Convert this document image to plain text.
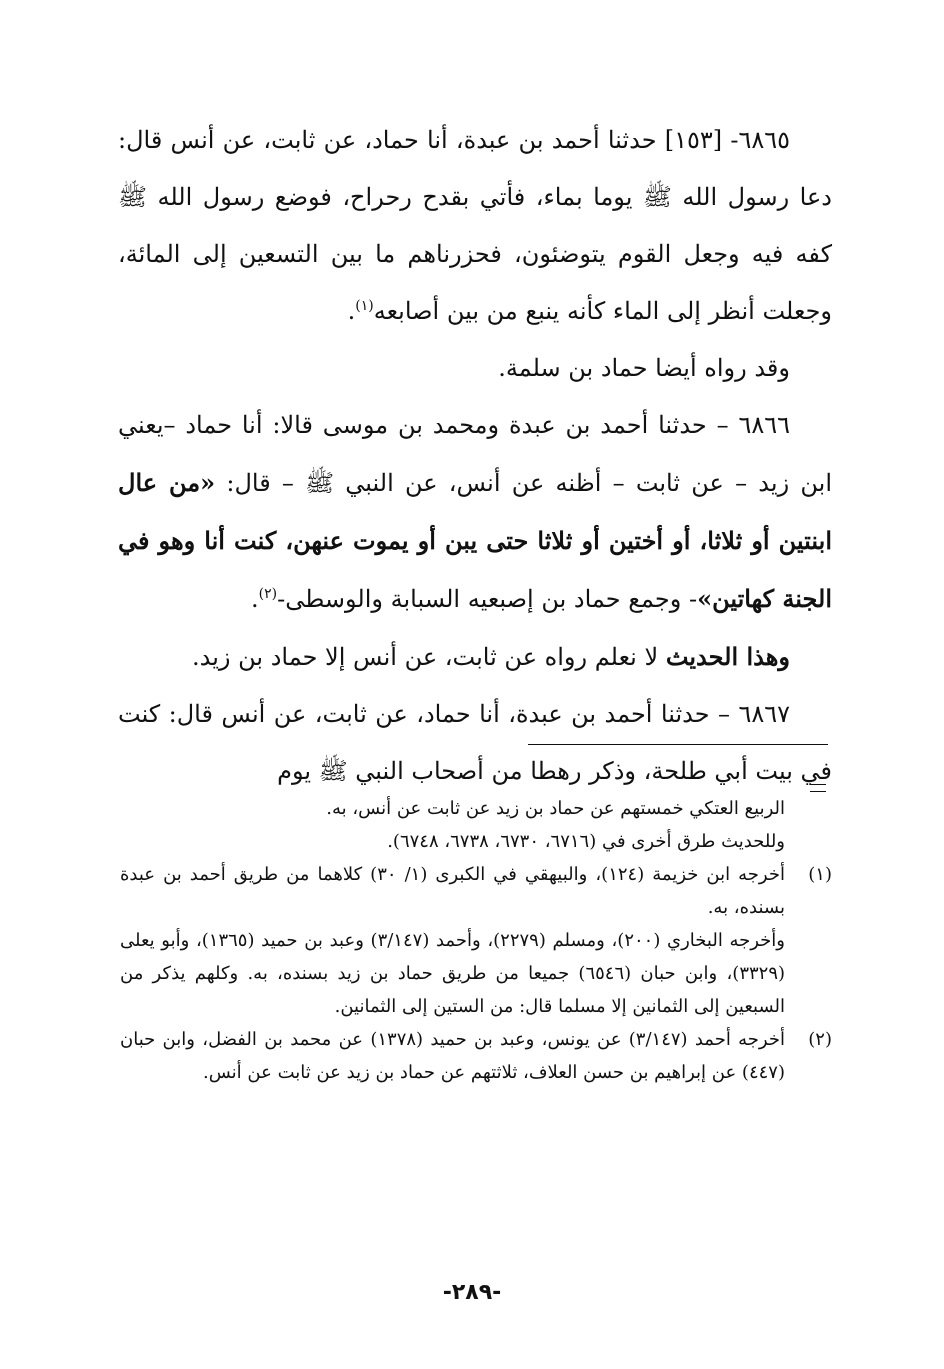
٦٨٦٥- [١٥٣] حدثنا أحمد بن عبدة، أنا حماد، عن ثابت، عن أنس قال: دعا رسول الله ﷺ يوما بماء، فأتي بقدح رحراح، فوضع رسول الله ﷺ كفه فيه وجعل القوم يتوضئون، فحزرناهم ما بين التسعين إلى المائة، وجعلت أنظر إلى الماء كأنه ينبع من بين أصابعه$^{(١)}$.

وقد رواه أيضا حماد بن سلمة.

٦٨٦٦ – حدثنا أحمد بن عبدة ومحمد بن موسى قالا: أنا حماد –يعني ابن زيد – عن ثابت – أظنه عن أنس، عن النبي ﷺ – قال: «من عال ابنتين أو ثلاثا، أو أختين أو ثلاثا حتى يبن أو يموت عنهن، كنت أنا وهو في الجنة كهاتين»- وجمع حماد بن إصبعيه السبابة والوسطى-$^{(٢)}$.

وهذا الحديث لا نعلم رواه عن ثابت، عن أنس إلا حماد بن زيد.

٦٨٦٧ – حدثنا أحمد بن عبدة، أنا حماد، عن ثابت، عن أنس قال: كنت في بيت أبي طلحة، وذكر رهطا من أصحاب النبي ﷺ يوم

الربيع العتكي خمستهم عن حماد بن زيد عن ثابت عن أنس، به.

وللحديث طرق أخرى في (٦٧١٦، ٦٧٣٠، ٦٧٣٨، ٦٧٤٨).

(١)

أخرجه ابن خزيمة (١٢٤)، والبيهقي في الكبرى (١/ ٣٠) كلاهما من طريق أحمد بن عبدة بسنده، به.

وأخرجه البخاري (٢٠٠)، ومسلم (٢٢٧٩)، وأحمد (٣/١٤٧) وعبد بن حميد (١٣٦٥)، وأبو يعلى (٣٣٢٩)، وابن حبان (٦٥٤٦) جميعا من طريق حماد بن زيد بسنده، به. وكلهم يذكر من السبعين إلى الثمانين إلا مسلما قال: من الستين إلى الثمانين.

(٢)

أخرجه أحمد (٣/١٤٧) عن يونس، وعبد بن حميد (١٣٧٨) عن محمد بن الفضل، وابن حبان (٤٤٧) عن إبراهيم بن حسن العلاف، ثلاثتهم عن حماد بن زيد عن ثابت عن أنس.

-٢٨٩-
